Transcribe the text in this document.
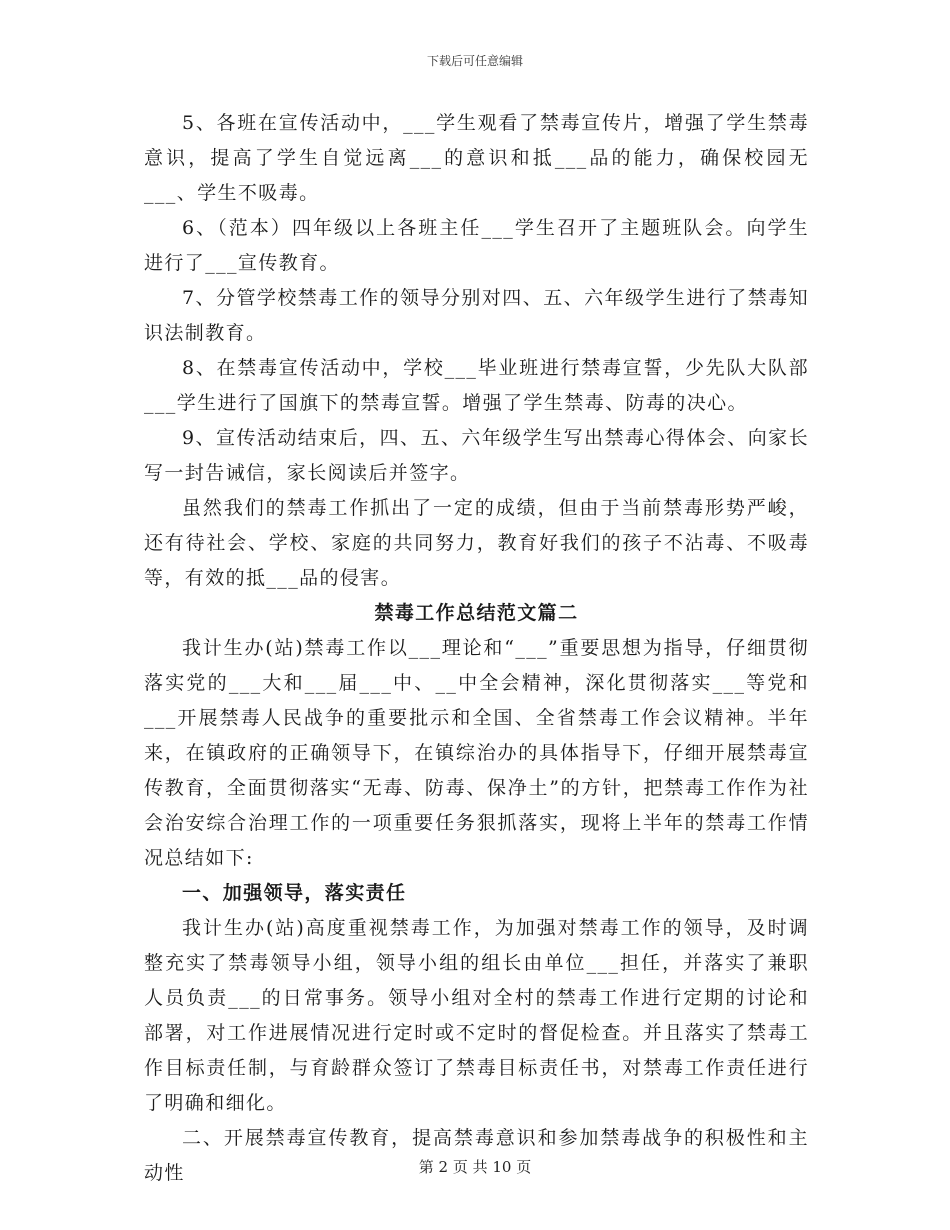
下载后可任意编辑

5、各班在宣传活动中，___学生观看了禁毒宣传片，增强了学生禁毒意识，提高了学生自觉远离___的意识和抵___品的能力，确保校园无___、学生不吸毒。

6、（范本）四年级以上各班主任___学生召开了主题班队会。向学生进行了___宣传教育。

7、分管学校禁毒工作的领导分别对四、五、六年级学生进行了禁毒知识法制教育。

8、在禁毒宣传活动中，学校___毕业班进行禁毒宣誓，少先队大队部___学生进行了国旗下的禁毒宣誓。增强了学生禁毒、防毒的决心。

9、宣传活动结束后，四、五、六年级学生写出禁毒心得体会、向家长写一封告诫信，家长阅读后并签字。

虽然我们的禁毒工作抓出了一定的成绩，但由于当前禁毒形势严峻，还有待社会、学校、家庭的共同努力，教育好我们的孩子不沾毒、不吸毒等，有效的抵___品的侵害。

禁毒工作总结范文篇二

我计生办(站)禁毒工作以___理论和“___”重要思想为指导，仔细贯彻落实党的___大和___届___中、__中全会精神，深化贯彻落实___等党和___开展禁毒人民战争的重要批示和全国、全省禁毒工作会议精神。半年来，在镇政府的正确领导下，在镇综治办的具体指导下，仔细开展禁毒宣传教育，全面贯彻落实“无毒、防毒、保净土”的方针，把禁毒工作作为社会治安综合治理工作的一项重要任务狠抓落实，现将上半年的禁毒工作情况总结如下:

一、加强领导，落实责任

我计生办(站)高度重视禁毒工作，为加强对禁毒工作的领导，及时调整充实了禁毒领导小组，领导小组的组长由单位___担任，并落实了兼职人员负责___的日常事务。领导小组对全村的禁毒工作进行定期的讨论和部署，对工作进展情况进行定时或不定时的督促检查。并且落实了禁毒工作目标责任制，与育龄群众签订了禁毒目标责任书，对禁毒工作责任进行了明确和细化。

二、开展禁毒宣传教育，提高禁毒意识和参加禁毒战争的积极性和主动性	第 2 页 共 10 页
